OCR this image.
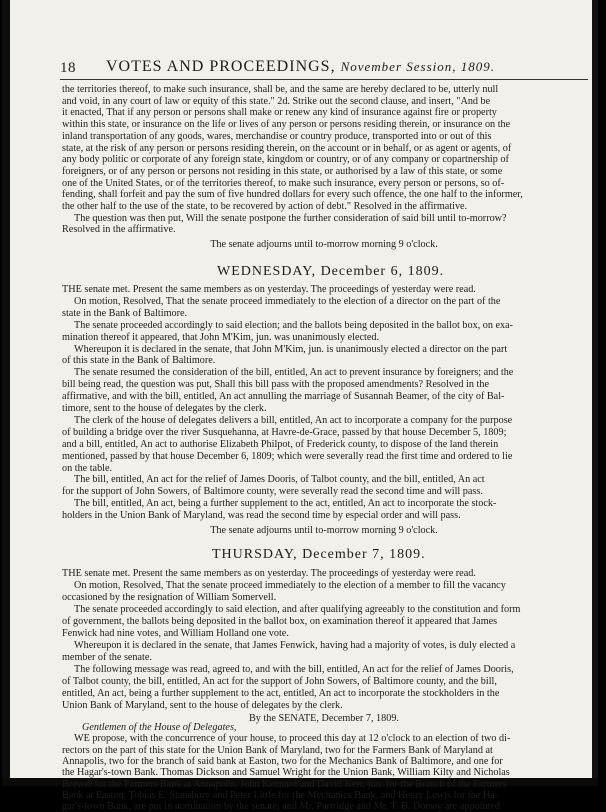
18 VOTES AND PROCEEDINGS, November Session, 1809.
the territories thereof, to make such insurance, shall be, and the same are hereby declared to be, utterly null
and void, in any court of law or equity of this state." 2d. Strike out the second clause, and insert, "And be
it enacted, That if any person or persons shall make or renew any kind of insurance against fire or property
within this state, or insurance on the life or lives of any person or persons residing therein, or insurance on the
inland transportation of any goods, wares, merchandise or country produce, transported into or out of this
state, at the risk of any person or persons residing therein, on the account or in behalf, or as agent or agents, of
any body politic or corporate of any foreign state, kingdom or country, or of any company or copartnership of
foreigners, or of any person or persons not residing in this state, or authorised by a law of this state, or some
one of the United States, or of the territories thereof, to make such insurance, every person or persons, so of-
fending, shall forfeit and pay the sum of five hundred dollars for every such offence, the one half to the informer,
the other half to the use of the state, to be recovered by action of debt." Resolved in the affirmative.
The question was then put, Will the senate postpone the further consideration of said bill until to-morrow?
Resolved in the affirmative.
The senate adjourns until to-morrow morning 9 o'clock.
WEDNESDAY, December 6, 1809.
THE senate met. Present the same members as on yesterday. The proceedings of yesterday were read.
On motion, Resolved, That the senate proceed immediately to the election of a director on the part of the
state in the Bank of Baltimore.
The senate proceeded accordingly to said election; and the ballots being deposited in the ballot box, on exa-
mination thereof it appeared, that John M'Kim, jun. was unanimously elected.
Whereupon it is declared in the senate, that John M'Kim, jun. is unanimously elected a director on the part
of this state in the Bank of Baltimore.
The senate resumed the consideration of the bill, entitled, An act to prevent insurance by foreigners; and the
bill being read, the question was put, Shall this bill pass with the proposed amendments? Resolved in the
affirmative, and with the bill, entitled, An act annulling the marriage of Susannah Beamer, of the city of Bal-
timore, sent to the house of delegates by the clerk.
The clerk of the house of delegates delivers a bill, entitled, An act to incorporate a company for the purpose
of building a bridge over the river Susquehanna, at Havre-de-Grace, passed by that house December 5, 1809;
and a bill, entitled, An act to authorise Elizabeth Philpot, of Frederick county, to dispose of the land therein
mentioned, passed by that house December 6, 1809; which were severally read the first time and ordered to lie
on the table.
The bill, entitled, An act for the relief of James Dooris, of Talbot county, and the bill, entitled, An act
for the support of John Sowers, of Baltimore county, were severally read the second time and will pass.
The bill, entitled, An act, being a further supplement to the act, entitled, An act to incorporate the stock-
holders in the Union Bank of Maryland, was read the second time by especial order and will pass.
The senate adjourns until to-morrow morning 9 o'clock.
THURSDAY, December 7, 1809.
THE senate met. Present the same members as on yesterday. The proceedings of yesterday were read.
On motion, Resolved, That the senate proceed immediately to the election of a member to fill the vacancy
occasioned by the resignation of William Somervell.
The senate proceeded accordingly to said election, and after qualifying agreeably to the constitution and form
of government, the ballots being deposited in the ballot box, on examination thereof it appeared that James
Fenwick had nine votes, and William Holland one vote.
Whereupon it is declared in the senate, that James Fenwick, having had a majority of votes, is duly elected a
member of the senate.
The following message was read, agreed to, and with the bill, entitled, An act for the relief of James Dooris,
of Talbot county, the bill, entitled, An act for the support of John Sowers, of Baltimore county, and the bill,
entitled, An act, being a further supplement to the act, entitled, An act to incorporate the stockholders in the
Union Bank of Maryland, sent to the house of delegates by the clerk.
By the SENATE, December 7, 1809.
Gentlemen of the House of Delegates,
WE propose, with the concurrence of your house, to proceed this day at 12 o'clock to an election of two di-
rectors on the part of this state for the Union Bank of Maryland, two for the Farmers Bank of Maryland at
Annapolis, two for the branch of said bank at Easton, two for the Mechanics Bank of Baltimore, and one for
the Hagar's-town Bank. Thomas Dickson and Samuel Wright for the Union Bank, William Kilty and Nicholas
Brewer for the Farmers Bank at Annapolis, John Kennard and David Kerr, jun. for the Branch of the Farmers
Bank at Easton, Tobias E. Stansbury and Peter Little for the Mechanics Bank, and Henry Lewis for the Ha-
gar's-town Bank, are put in nomination by the senate; and Mr. Partridge and Mr. T. B. Dorsey are appointed
